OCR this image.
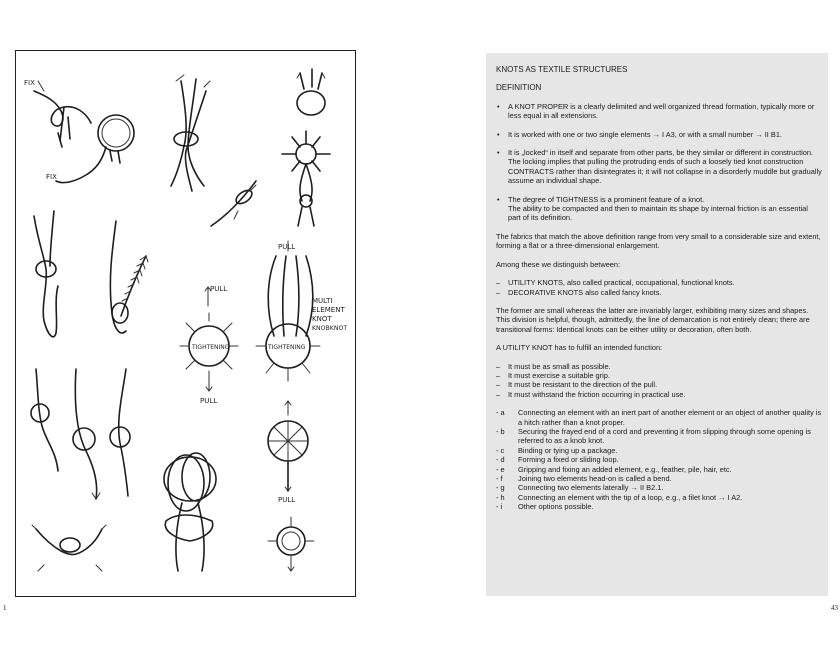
FIX
FIX
PULL
TIGHTENING
PULL
PULL
TIGHTENING
MULTI
ELEMENT
KNOT
KNOBKNOT
PULL

KNOTS AS TEXTILE STRUCTURES

DEFINITION

• A KNOT PROPER is a clearly delimited and well organized thread formation, typically more or less equal in all extensions.
• It is worked with one or two single elements → I A3, or with a small number → II B1.
• It is „locked“ in itself and separate from other parts, be they similar or different in construction. The locking implies that pulling the protruding ends of such a loosely tied knot construction CONTRACTS rather than disintegrates it; it will not collapse in a disorderly muddle but gradually assume an individual shape.
• The degree of TIGHTNESS is a prominent feature of a knot.
The ability to be compacted and then to maintain its shape by internal friction is an essential part of its definition.

The fabrics that match the above definition range from very small to a considerable size and extent, forming a flat or a three-dimensional enlargement.

Among these we distinguish between:

– UTILITY KNOTS, also called practical, occupational, functional knots.
– DECORATIVE KNOTS also called fancy knots.

The former are small whereas the latter are invariably larger, exhibiting many sizes and shapes. This division is helpful, though, admittedly, the line of demarcation is not entirely clean; there are transitional forms: Identical knots can be either utility or decoration, often both.

A UTILITY KNOT has to fulfill an intended function:

– It must be as small as possible.
– It must exercise a suitable grip.
– It must be resistant to the direction of the pull.
– It must withstand the friction occurring in practical use.
- a	Connecting an element with an inert part of another element or an object of another quality is a hitch rather than a knot proper.
- b	Securing the frayed end of a cord and preventing it from slipping through some opening is referred to as a knob knot.
- c	Binding or tying up a package.
- d	Forming a fixed or sliding loop.
- e	Gripping and fixing an added element, e.g., feather, pile, hair, etc.
- f	Joining two elements head-on is called a bend.
- g	Connecting two elements laterally → II B2.1.
- h	Connecting an element with the tip of a loop, e.g., a filet knot → I A2.
- i	Other options possible.
1	43
